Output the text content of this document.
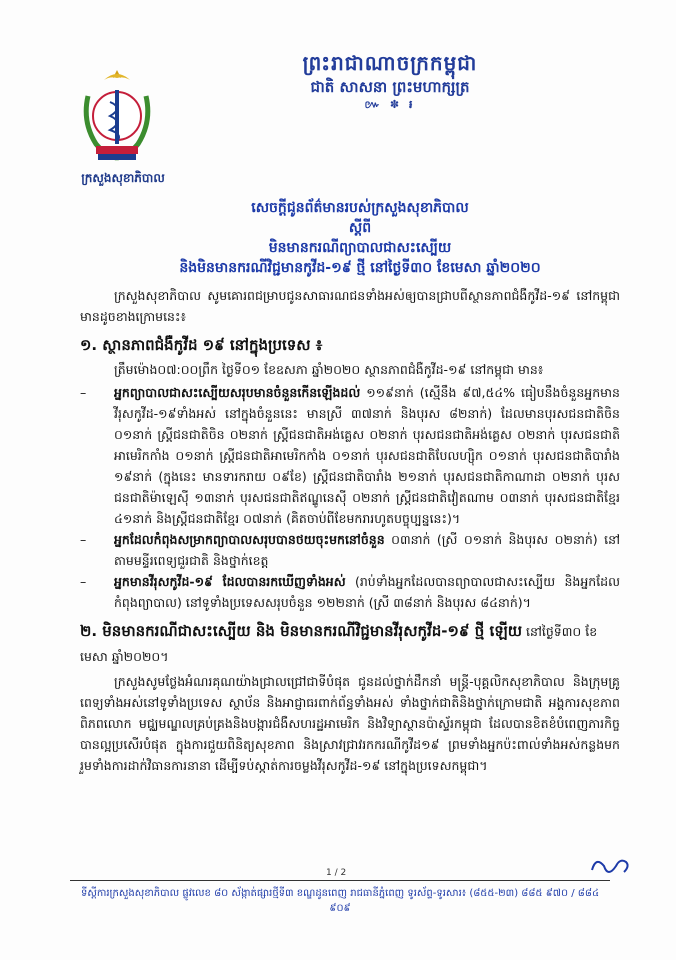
ក្រសួងសុខាភិបាល
ព្រះរាជាណាចក្រកម្ពុជា
ជាតិ សាសនា ព្រះមហាក្សត្រ
៚ ✽ ៛
សេចក្តីជូនព័ត៌មានរបស់ក្រសួងសុខាភិបាល
ស្តីពី
មិនមានករណីព្យាបាលជាសះស្បើយ
និងមិនមានករណីវិជ្ជមានកូវីដ-១៩ ថ្មី នៅថ្ងៃទី៣០ ខែមេសា ឆ្នាំ២០២០

ក្រសួងសុខាភិបាល សូមគោរពជម្រាបជូនសាធារណជនទាំងអស់ឲ្យបានជ្រាបពីស្ថានភាពជំងឺកូវីដ-១៩ នៅកម្ពុជា មានដូចខាងក្រោមនេះ៖

១. ស្ថានភាពជំងឺកូវីដ ១៩ នៅក្នុងប្រទេស ៖

ត្រឹមម៉ោង០៧:០០ព្រឹក ថ្ងៃទី០១ ខែឧសភា ឆ្នាំ២០២០ ស្ថានភាពជំងឺកូវីដ-១៩ នៅកម្ពុជា មាន៖

–	អ្នកព្យាបាលជាសះស្បើយសរុបមានចំនួនកើនឡើងដល់ ១១៩នាក់ (ស្មើនឹង ៩៧,៥៤% ធៀបនឹងចំនួនអ្នកមានវីរុសកូវីដ-១៩ទាំងអស់ នៅក្នុងចំនួននេះ មានស្រី ៣៧នាក់ និងបុរស ៨២នាក់) ដែលមានបុរសជនជាតិចិន ០១នាក់ ស្ត្រីជនជាតិចិន ០២នាក់ ស្ត្រីជនជាតិអង់គ្លេស ០២នាក់ បុរសជនជាតិអង់គ្លេស ០២នាក់ បុរសជនជាតិអាមេរិកកាំង ០១នាក់ ស្ត្រីជនជាតិអាមេរិកកាំង ០១នាក់ បុរសជនជាតិបែលហ្ស៊ិក ០១នាក់ បុរសជនជាតិបារាំង ១៩នាក់ (ក្នុងនេះ មានទារករាយ ០៩ខែ) ស្ត្រីជនជាតិបារាំង ២១នាក់ បុរសជនជាតិកាណាដា ០២នាក់ បុរសជនជាតិម៉ាឡេស៊ី ១៣នាក់ បុរសជនជាតិឥណ្ឌូនេស៊ី ០២នាក់ ស្ត្រីជនជាតិវៀតណាម ០៣នាក់ បុរសជនជាតិខ្មែរ ៤១នាក់ និងស្ត្រីជនជាតិខ្មែរ ០៧នាក់ (គិតចាប់ពីខែមករារហូតបច្ចុប្បន្ននេះ)។
–	អ្នកដែលកំពុងសម្រាកព្យាបាលសរុបបានថយចុះមកនៅចំនួន ០៣នាក់ (ស្រី ០១នាក់ និងបុរស ០២នាក់) នៅតាមមន្ទីរពេទ្យជួរជាតិ និងថ្នាក់ខេត្ត
–	អ្នកមានវីរុសកូវីដ-១៩ ដែលបានរកឃើញទាំងអស់ (រាប់ទាំងអ្នកដែលបានព្យាបាលជាសះស្បើយ និងអ្នកដែលកំពុងព្យាបាល) នៅទូទាំងប្រទេសសរុបចំនួន ១២២នាក់ (ស្រី ៣៨នាក់ និងបុរស ៨៤នាក់)។
២. មិនមានករណីជាសះស្បើយ និង មិនមានករណីវិជ្ជមានវីរុសកូវីដ-១៩ ថ្មី ឡើយ នៅថ្ងៃទី៣០ ខែមេសា ឆ្នាំ២០២០។

ក្រសួងសូមថ្លែងអំណរគុណយ៉ាងជ្រាលជ្រៅជាទីបំផុត ជូនដល់ថ្នាក់ដឹកនាំ មន្ត្រី-បុគ្គលិកសុខាភិបាល និងក្រុមគ្រូពេទ្យទាំងអស់នៅទូទាំងប្រទេស ស្ថាប័ន និងអាជ្ញាធរពាក់ព័ន្ធទាំងអស់ ទាំងថ្នាក់ជាតិនិងថ្នាក់ក្រោមជាតិ អង្គការសុខភាពពិភពលោក មជ្ឈមណ្ឌលគ្រប់គ្រងនិងបង្ការជំងឺសហរដ្ឋអាមេរិក និងវិទ្យាស្ថានប៉ាស្ទ័រកម្ពុជា ដែលបានខិតខំបំពេញភារកិច្ចបានល្អប្រសើរបំផុត ក្នុងការជួយពិនិត្យសុខភាព និងស្រាវជ្រាវរកករណីកូវីដ១៩ ព្រមទាំងអ្នកប៉ះពាល់ទាំងអស់កន្លងមក រួមទាំងការដាក់វិធានការនានា ដើម្បីទប់ស្កាត់ការចម្លងវីរុសកូវីដ-១៩ នៅក្នុងប្រទេសកម្ពុជា។

1 / 2
ទីស្តីការក្រសួងសុខាភិបាល ផ្លូវលេខ ៨០ ស័ង្កាត់ផ្សារថ្មីទី៣ ខណ្ឌដូនពេញ រាជធានីភ្នំពេញ ទូរស័ព្ទ-ទូរសារ៖ (៨៥៥-២៣) ៨៨៥ ៩៧០ / ៨៨៤ ៩០៩
